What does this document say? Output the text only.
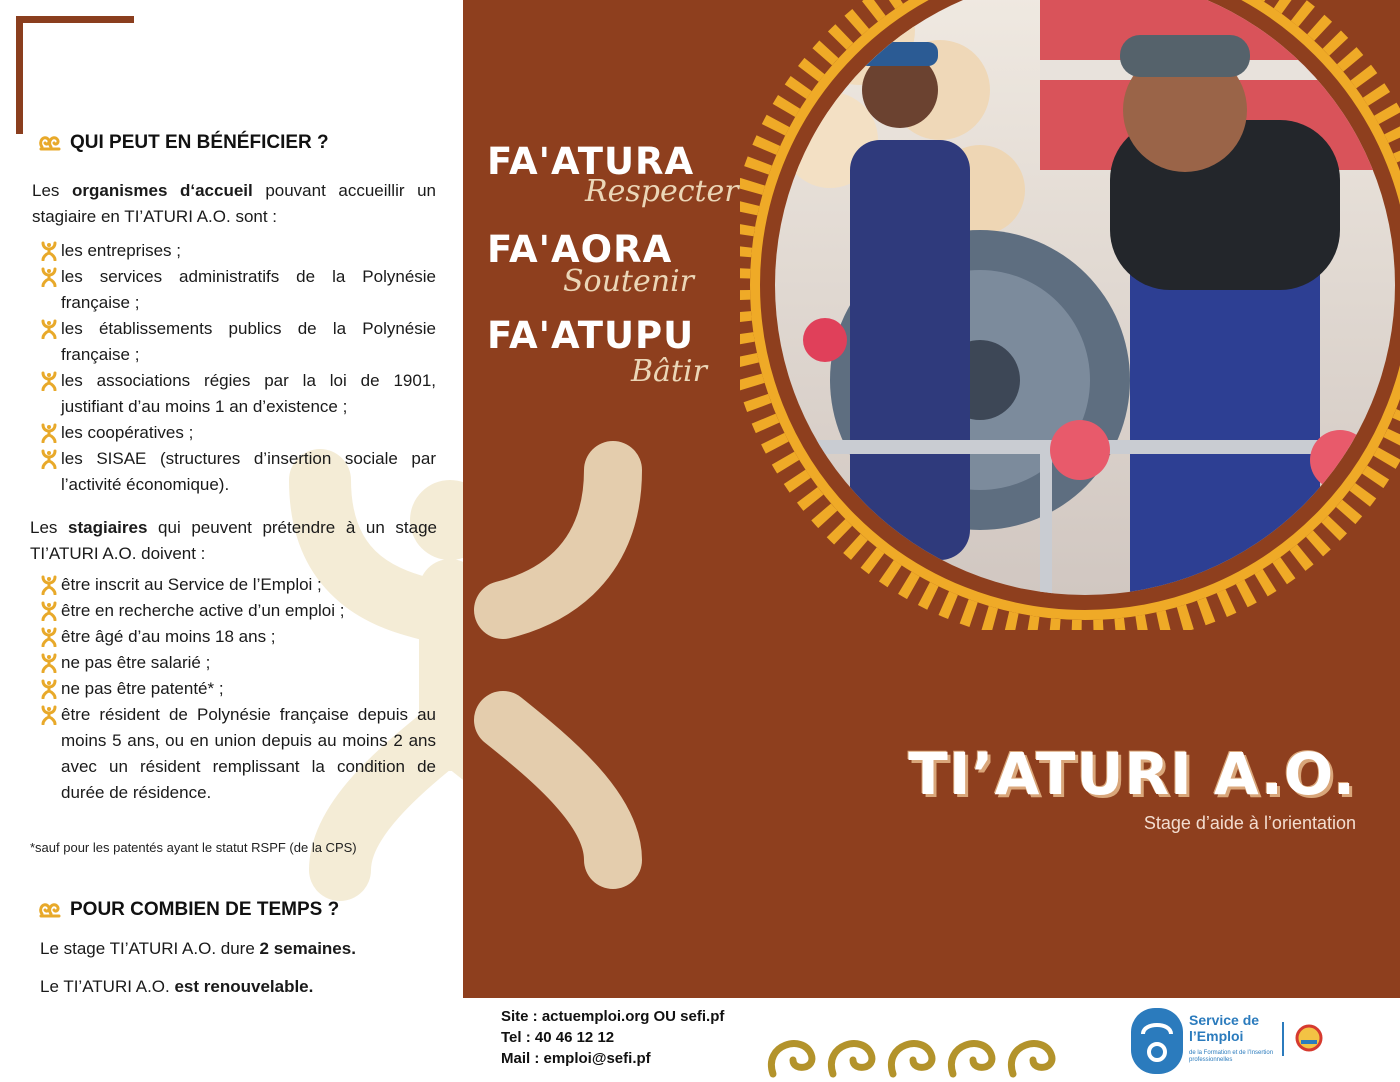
QUI PEUT EN BÉNÉFICIER ?
Les organismes d‘accueil pouvant accueillir un stagiaire en TI’ATURI A.O. sont :
les entreprises ;
les services administratifs de la Polynésie française ;
les établissements publics de la Polynésie française ;
les associations régies par la loi de 1901, justifiant d’au moins 1 an d’existence ;
les coopératives ;
les SISAE (structures d’insertion sociale par l’activité économique).
Les stagiaires qui peuvent prétendre à un stage TI’ATURI A.O. doivent :
être inscrit au Service de l’Emploi ;
être en recherche active d’un emploi ;
être âgé d’au moins 18 ans ;
ne pas être salarié ;
ne pas être patenté* ;
être résident de Polynésie française depuis au moins 5 ans, ou en union depuis au moins 2 ans avec un résident remplissant la condition de durée de résidence.
*sauf pour les patentés ayant le statut RSPF (de la CPS)
POUR COMBIEN DE TEMPS ?
Le stage TI’ATURI A.O. dure 2 semaines.
Le TI’ATURI A.O. est renouvelable.
FA'ATURA
Respecter
FA'AORA
Soutenir
FA'ATUPU
Bâtir
TI’ATURI A.O.
Stage d’aide à l’orientation
Site : actuemploi.org OU sefi.pf
Tel : 40 46 12 12
Mail : emploi@sefi.pf
Service de
l’Emploi
de la Formation et de l’Insertion professionnelles
